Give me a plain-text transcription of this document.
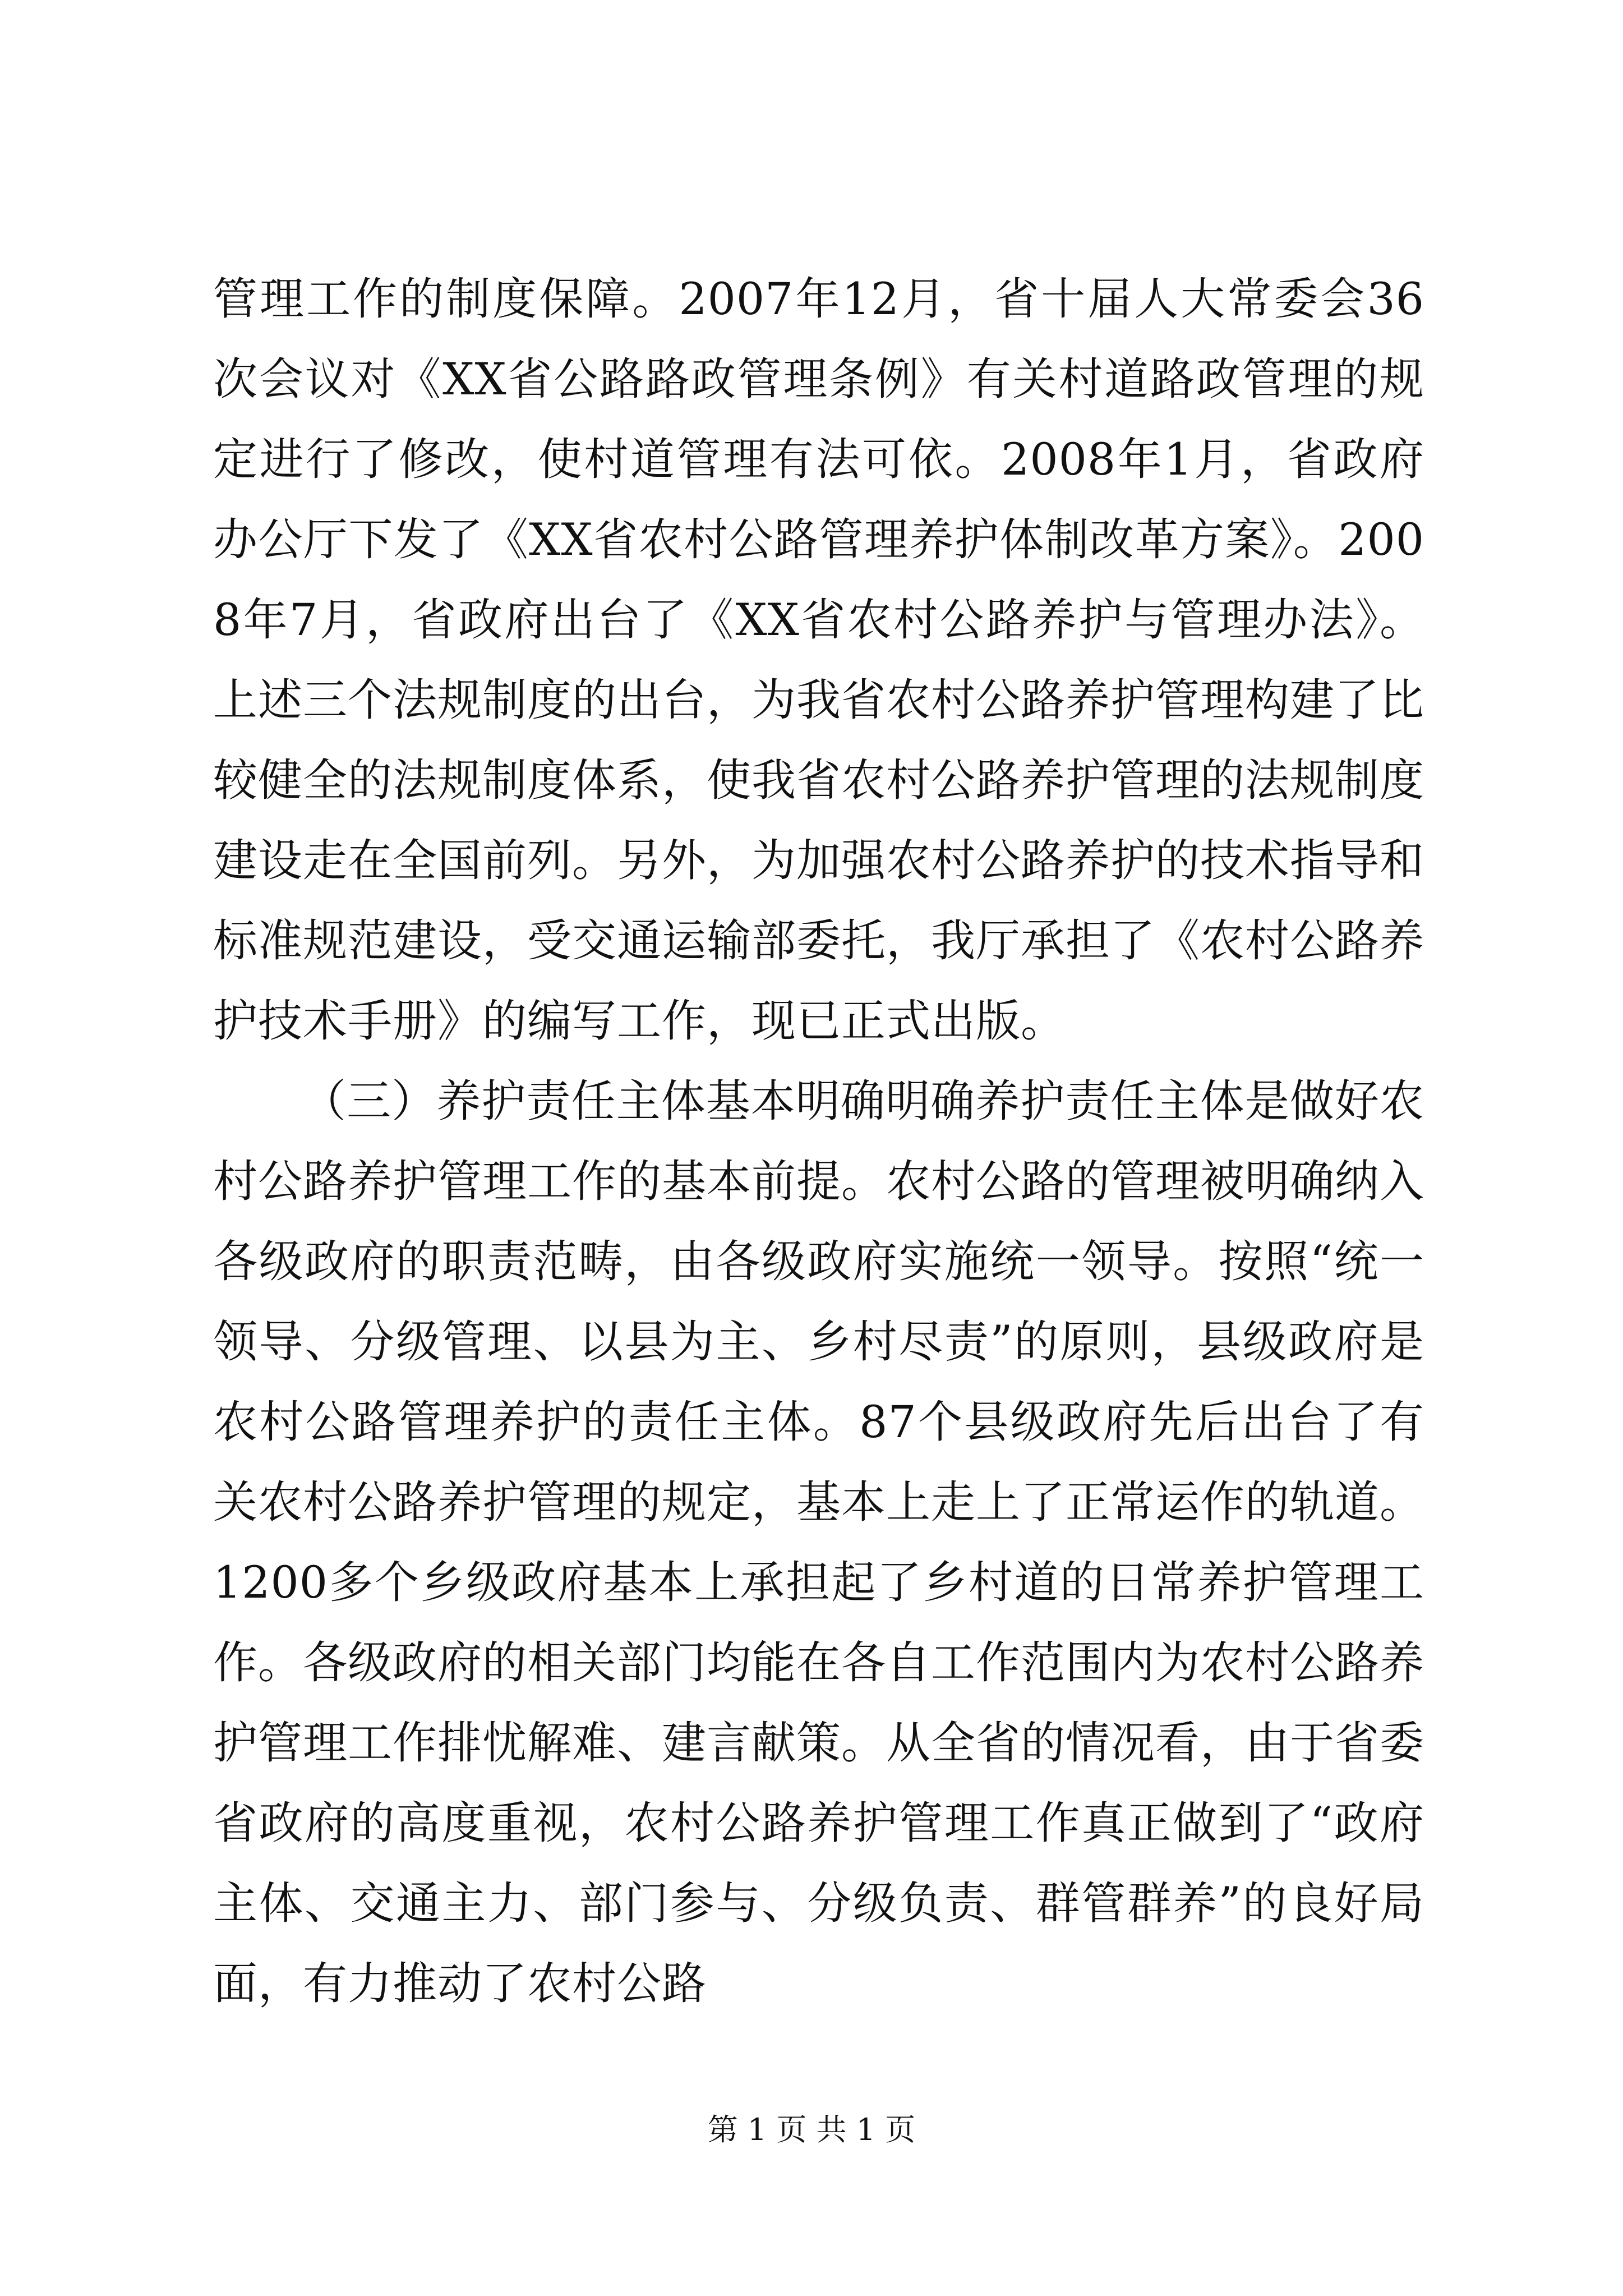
管理工作的制度保障。2007年12月，省十届人大常委会36次会议对《XX省公路路政管理条例》有关村道路政管理的规定进行了修改，使村道管理有法可依。2008年1月，省政府办公厅下发了《XX省农村公路管理养护体制改革方案》。2008年7月，省政府出台了《XX省农村公路养护与管理办法》。上述三个法规制度的出台，为我省农村公路养护管理构建了比较健全的法规制度体系，使我省农村公路养护管理的法规制度建设走在全国前列。另外，为加强农村公路养护的技术指导和标准规范建设，受交通运输部委托，我厅承担了《农村公路养护技术手册》的编写工作，现已正式出版。

（三）养护责任主体基本明确明确养护责任主体是做好农村公路养护管理工作的基本前提。农村公路的管理被明确纳入各级政府的职责范畴，由各级政府实施统一领导。按照“统一领导、分级管理、以县为主、乡村尽责”的原则，县级政府是农村公路管理养护的责任主体。87个县级政府先后出台了有关农村公路养护管理的规定，基本上走上了正常运作的轨道。1200多个乡级政府基本上承担起了乡村道的日常养护管理工作。各级政府的相关部门均能在各自工作范围内为农村公路养护管理工作排忧解难、建言献策。从全省的情况看，由于省委省政府的高度重视，农村公路养护管理工作真正做到了“政府主体、交通主力、部门参与、分级负责、群管群养”的良好局面，有力推动了农村公路

第 1 页 共 1 页
